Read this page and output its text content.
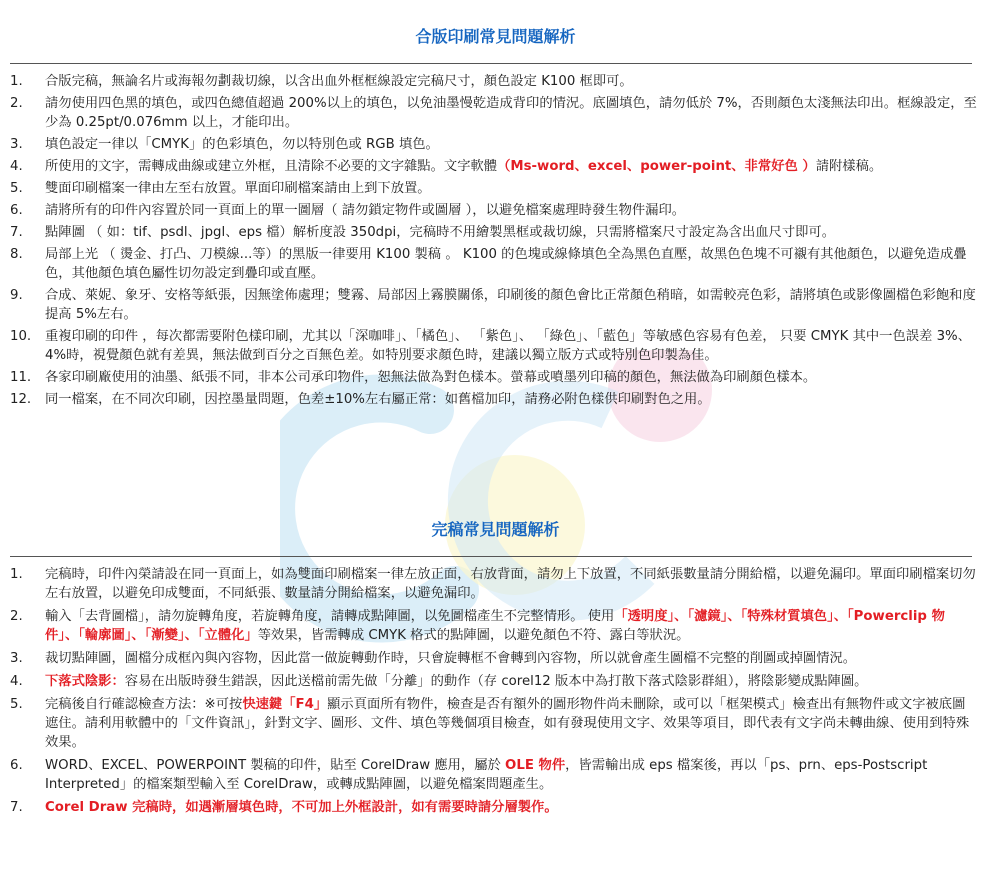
合版印刷常見問題解析
1. 合版完稿，無論名片或海報勿劃裁切線，以含出血外框框線設定完稿尺寸，顏色設定 K100 框即可。
2. 請勿使用四色黑的填色，或四色總值超過 200%以上的填色，以免油墨慢乾造成背印的情況。底圖填色，請勿低於 7%，否則顏色太淺無法印出。框線設定，至少為 0.25pt/0.076mm 以上，才能印出。
3. 填色設定一律以「CMYK」的色彩填色，勿以特別色或 RGB 填色。
4. 所使用的文字，需轉成曲線或建立外框，且清除不必要的文字雜點。文字軟體（Ms-word、excel、power-point、非常好色 ）請附樣稿。
5. 雙面印刷檔案一律由左至右放置。單面印刷檔案請由上到下放置。
6. 請將所有的印件內容置於同一頁面上的單一圖層（ 請勿鎖定物件或圖層 ），以避免檔案處理時發生物件漏印。
7. 點陣圖 （ 如：tif、psdl、jpgl、eps 檔）解析度設 350dpi，完稿時不用繪製黑框或裁切線，只需將檔案尺寸設定為含出血尺寸即可。
8. 局部上光 （ 燙金、打凸、刀模線...等）的黑版一律要用 K100 製稿 。 K100 的色塊或線條填色全為黑色直壓，故黑色色塊不可襯有其他顏色，以避免造成疊色，其他顏色填色屬性切勿設定到疊印或直壓。
9. 合成、萊妮、象牙、安格等紙張，因無塗佈處理；雙霧、局部因上霧膜關係，印刷後的顏色會比正常顏色稍暗，如需較亮色彩，請將填色或影像圖檔色彩飽和度提高 5%左右。
10. 重複印刷的印件 ，每次都需要附色樣印刷，尤其以「深咖啡」、「橘色」、 「紫色」、 「綠色」、「藍色」等敏感色容易有色差， 只要 CMYK 其中一色誤差 3%、 4%時，視覺顏色就有差異，無法做到百分之百無色差。如特別要求顏色時，建議以獨立版方式或特別色印製為佳。
11. 各家印刷廠使用的油墨、紙張不同，非本公司承印物件，恕無法做為對色樣本。螢幕或噴墨列印稿的顏色，無法做為印刷顏色樣本。
12. 同一檔案，在不同次印刷，因控墨量問題，色差±10%左右屬正常：如舊檔加印，請務必附色樣供印刷對色之用。
完稿常見問題解析
1. 完稿時，印件內榮請設在同一頁面上，如為雙面印刷檔案一律左放正面，右放背面，請勿上下放置，不同紙張數量請分開給檔，以避免漏印。單面印刷檔案切勿左右放置，以避免印成雙面，不同紙張、數量請分開給檔案，以避免漏印。
2. 輸入「去背圖檔」，請勿旋轉角度，若旋轉角度，請轉成點陣圖，以免圖檔產生不完整情形。 使用「透明度」、「濾鏡」、「特殊材質填色」、「Powerclip 物件」、「輪廓圖」、「漸變」、「立體化」等效果，皆需轉成 CMYK 格式的點陣圖，以避免顏色不符、露白等狀況。
3. 裁切點陣圖，圖檔分成框內與內容物，因此當一做旋轉動作時，只會旋轉框不會轉到內容物，所以就會產生圖檔不完整的削圖或掉圖情況。
4. 下落式陰影：容易在出版時發生錯誤，因此送檔前需先做「分離」的動作（存 corel12 版本中為打散下落式陰影群組），將陰影變成點陣圖。
5. 完稿後自行確認檢查方法：※可按快速鍵「F4」顯示頁面所有物件，檢查是否有額外的圖形物件尚未刪除，或可以「框架模式」檢查出有無物件或文字被底圖遮住。請利用軟體中的「文件資訊」，針對文字、圖形、文件、填色等幾個項目檢查，如有發現使用文字、效果等項目，即代表有文字尚未轉曲線、使用到特殊效果。
6. WORD、EXCEL、POWERPOINT 製稿的印件，貼至 CorelDraw 應用，屬於 OLE 物件，皆需輸出成 eps 檔案後，再以「ps、prn、eps-Postscript Interpreted」的檔案類型輸入至 CorelDraw，或轉成點陣圖，以避免檔案問題產生。
7. Corel Draw 完稿時，如遇漸層填色時，不可加上外框設計，如有需要時請分層製作。
